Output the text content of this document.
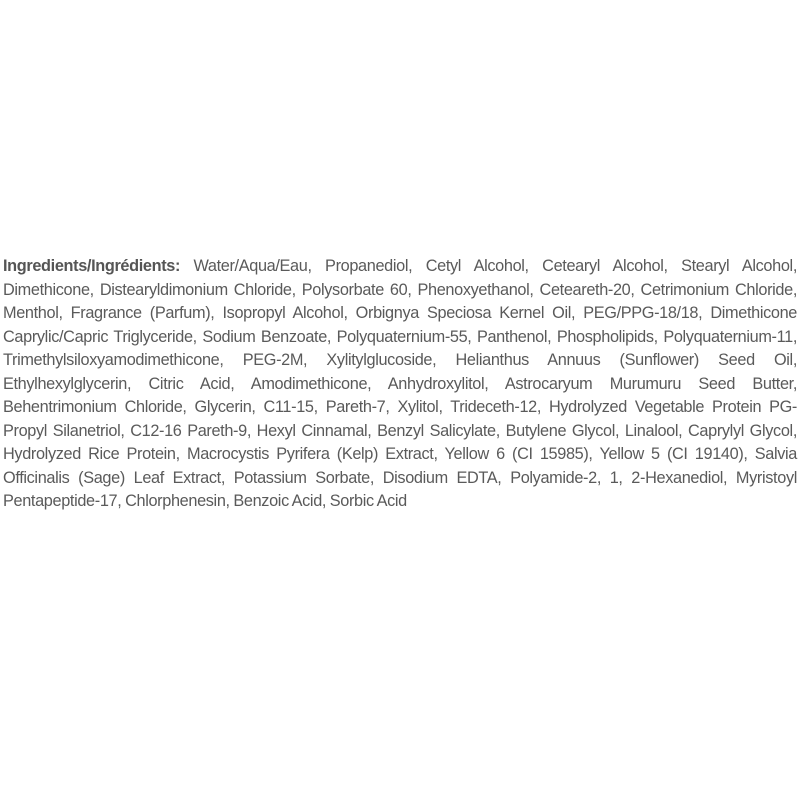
Ingredients/Ingrédients: Water/Aqua/Eau, Propanediol, Cetyl Alcohol, Cetearyl Alcohol, Stearyl Alcohol, Dimethicone, Distearyldimonium Chloride, Polysorbate 60, Phenoxyethanol, Ceteareth-20, Cetrimonium Chloride, Menthol, Fragrance (Parfum), Isopropyl Alcohol, Orbignya Speciosa Kernel Oil, PEG/PPG-18/18, Dimethicone Caprylic/Capric Triglyceride, Sodium Benzoate, Polyquaternium-55, Panthenol, Phospholipids, Polyquaternium-11, Trimethylsiloxyamodimethicone, PEG-2M, Xylitylglucoside, Helianthus Annuus (Sunflower) Seed Oil, Ethylhexylglycerin, Citric Acid, Amodimethicone, Anhydroxylitol, Astrocaryum Murumuru Seed Butter, Behentrimonium Chloride, Glycerin, C11-15, Pareth-7, Xylitol, Trideceth-12, Hydrolyzed Vegetable Protein PG-Propyl Silanetriol, C12-16 Pareth-9, Hexyl Cinnamal, Benzyl Salicylate, Butylene Glycol, Linalool, Caprylyl Glycol, Hydrolyzed Rice Protein, Macrocystis Pyrifera (Kelp) Extract, Yellow 6 (CI 15985), Yellow 5 (CI 19140), Salvia Officinalis (Sage) Leaf Extract, Potassium Sorbate, Disodium EDTA, Polyamide-2, 1, 2-Hexanediol, Myristoyl Pentapeptide-17, Chlorphenesin, Benzoic Acid, Sorbic Acid
